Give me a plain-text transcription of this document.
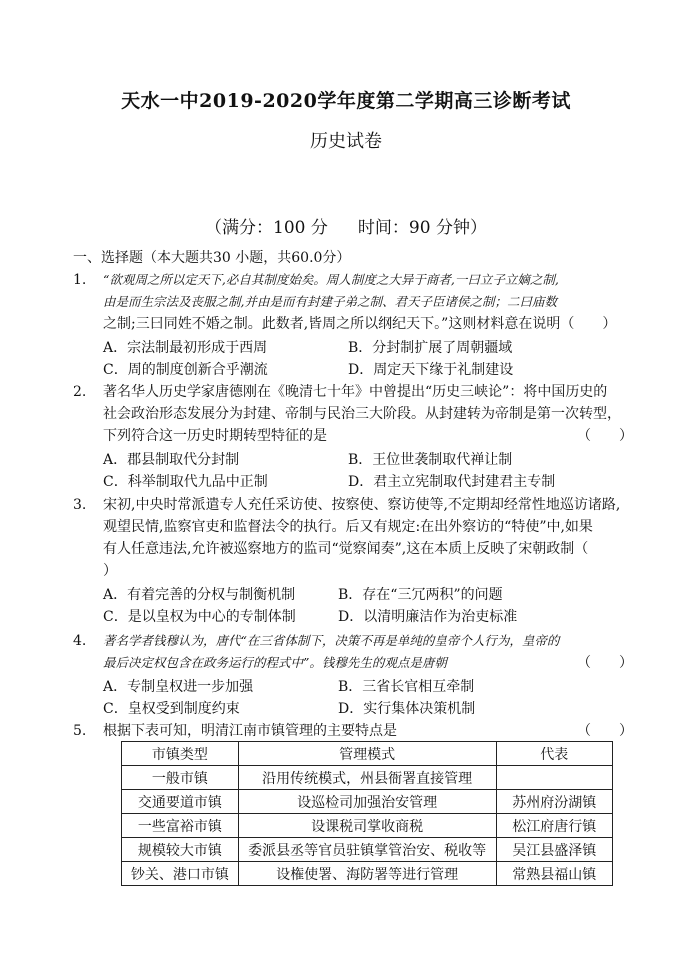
天水一中2019-2020学年度第二学期高三诊断考试
历史试卷
（满分：100 分 时间：90 分钟）
一、选择题（本大题共30 小题，共60.0分）
1.	“欲观周之所以定天下,必自其制度始矣。周人制度之大异于商者,一曰立子立嫡之制,
由是而生宗法及丧服之制,并由是而有封建子弟之制、君天子臣诸侯之制；二曰庙数
之制;三曰同姓不婚之制。此数者,皆周之所以纲纪天下。”这则材料意在说明（　　）
A．宗法制最初形成于西周	B．分封制扩展了周朝疆域
C．周的制度创新合乎潮流	D．周定天下缘于礼制建设
2.	著名华人历史学家唐德刚在《晚清七十年》中曾提出“历史三峡论”：将中国历史的
社会政治形态发展分为封建、帝制与民治三大阶段。从封建转为帝制是第一次转型，
（　　）
下列符合这一历史时期转型特征的是
A．郡县制取代分封制	B．王位世袭制取代禅让制
C．科举制取代九品中正制	D．君主立宪制取代封建君主专制
3.	宋初,中央时常派遣专人充任采访使、按察使、察访使等,不定期却经常性地巡访诸路,
观望民情,监察官吏和监督法令的执行。后又有规定:在出外察访的“特使”中,如果
有人任意违法,允许被巡察地方的监司“觉察闻奏”,这在本质上反映了宋朝政制（
）
A．有着完善的分权与制衡机制	B．存在“三冗两积”的问题
C．是以皇权为中心的专制体制	D．以清明廉洁作为治吏标准
4.	著名学者钱穆认为，唐代“在三省体制下，决策不再是单纯的皇帝个人行为，皇帝的
（　　）
最后决定权包含在政务运行的程式中”。钱穆先生的观点是唐朝
A．专制皇权进一步加强	B．三省长官相互牵制
C．皇权受到制度约束	D．实行集体决策机制
5.	（　　）
根据下表可知，明清江南市镇管理的主要特点是
市镇类型	管理模式	代表
一般市镇	沿用传统模式，州县衙署直接管理	
交通要道市镇	设巡检司加强治安管理	苏州府汾湖镇
一些富裕市镇	设课税司掌收商税	松江府唐行镇
规模较大市镇	委派县丞等官员驻镇掌管治安、税收等	吴江县盛泽镇
钞关、港口市镇	设権使署、海防署等进行管理	常熟县福山镇
